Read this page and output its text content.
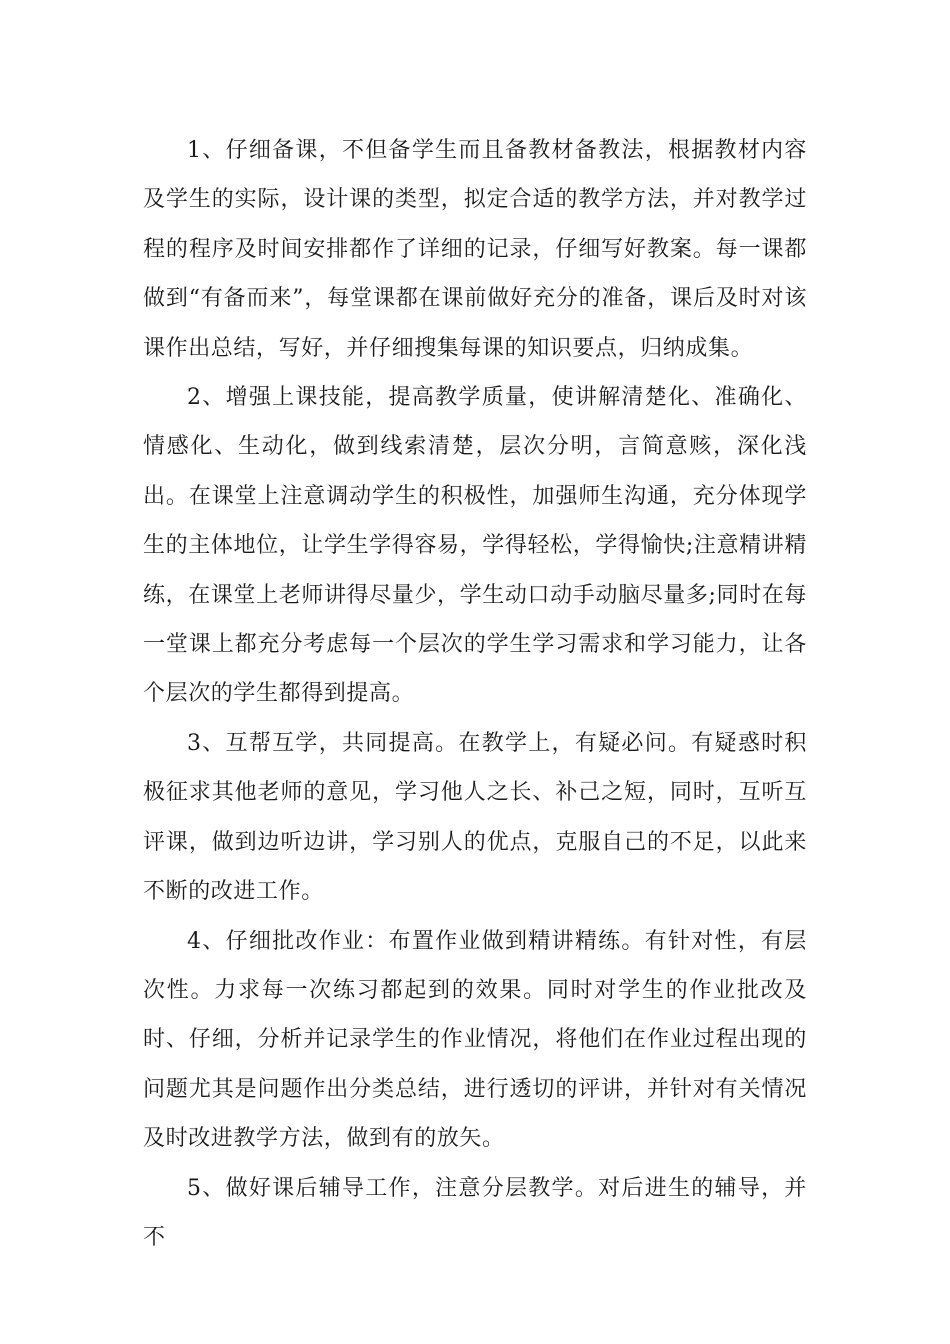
1、仔细备课，不但备学生而且备教材备教法，根据教材内容及学生的实际，设计课的类型，拟定合适的教学方法，并对教学过程的程序及时间安排都作了详细的记录，仔细写好教案。每一课都做到“有备而来”，每堂课都在课前做好充分的准备，课后及时对该课作出总结，写好，并仔细搜集每课的知识要点，归纳成集。

2、增强上课技能，提高教学质量，使讲解清楚化、准确化、情感化、生动化，做到线索清楚，层次分明，言简意赅，深化浅出。在课堂上注意调动学生的积极性，加强师生沟通，充分体现学生的主体地位，让学生学得容易，学得轻松，学得愉快;注意精讲精练，在课堂上老师讲得尽量少，学生动口动手动脑尽量多;同时在每一堂课上都充分考虑每一个层次的学生学习需求和学习能力，让各个层次的学生都得到提高。

3、互帮互学，共同提高。在教学上，有疑必问。有疑惑时积极征求其他老师的意见，学习他人之长、补己之短，同时，互听互评课，做到边听边讲，学习别人的优点，克服自己的不足，以此来不断的改进工作。

4、仔细批改作业：布置作业做到精讲精练。有针对性，有层次性。力求每一次练习都起到的效果。同时对学生的作业批改及时、仔细，分析并记录学生的作业情况，将他们在作业过程出现的问题尤其是问题作出分类总结，进行透切的评讲，并针对有关情况及时改进教学方法，做到有的放矢。

5、做好课后辅导工作，注意分层教学。对后进生的辅导，并不
